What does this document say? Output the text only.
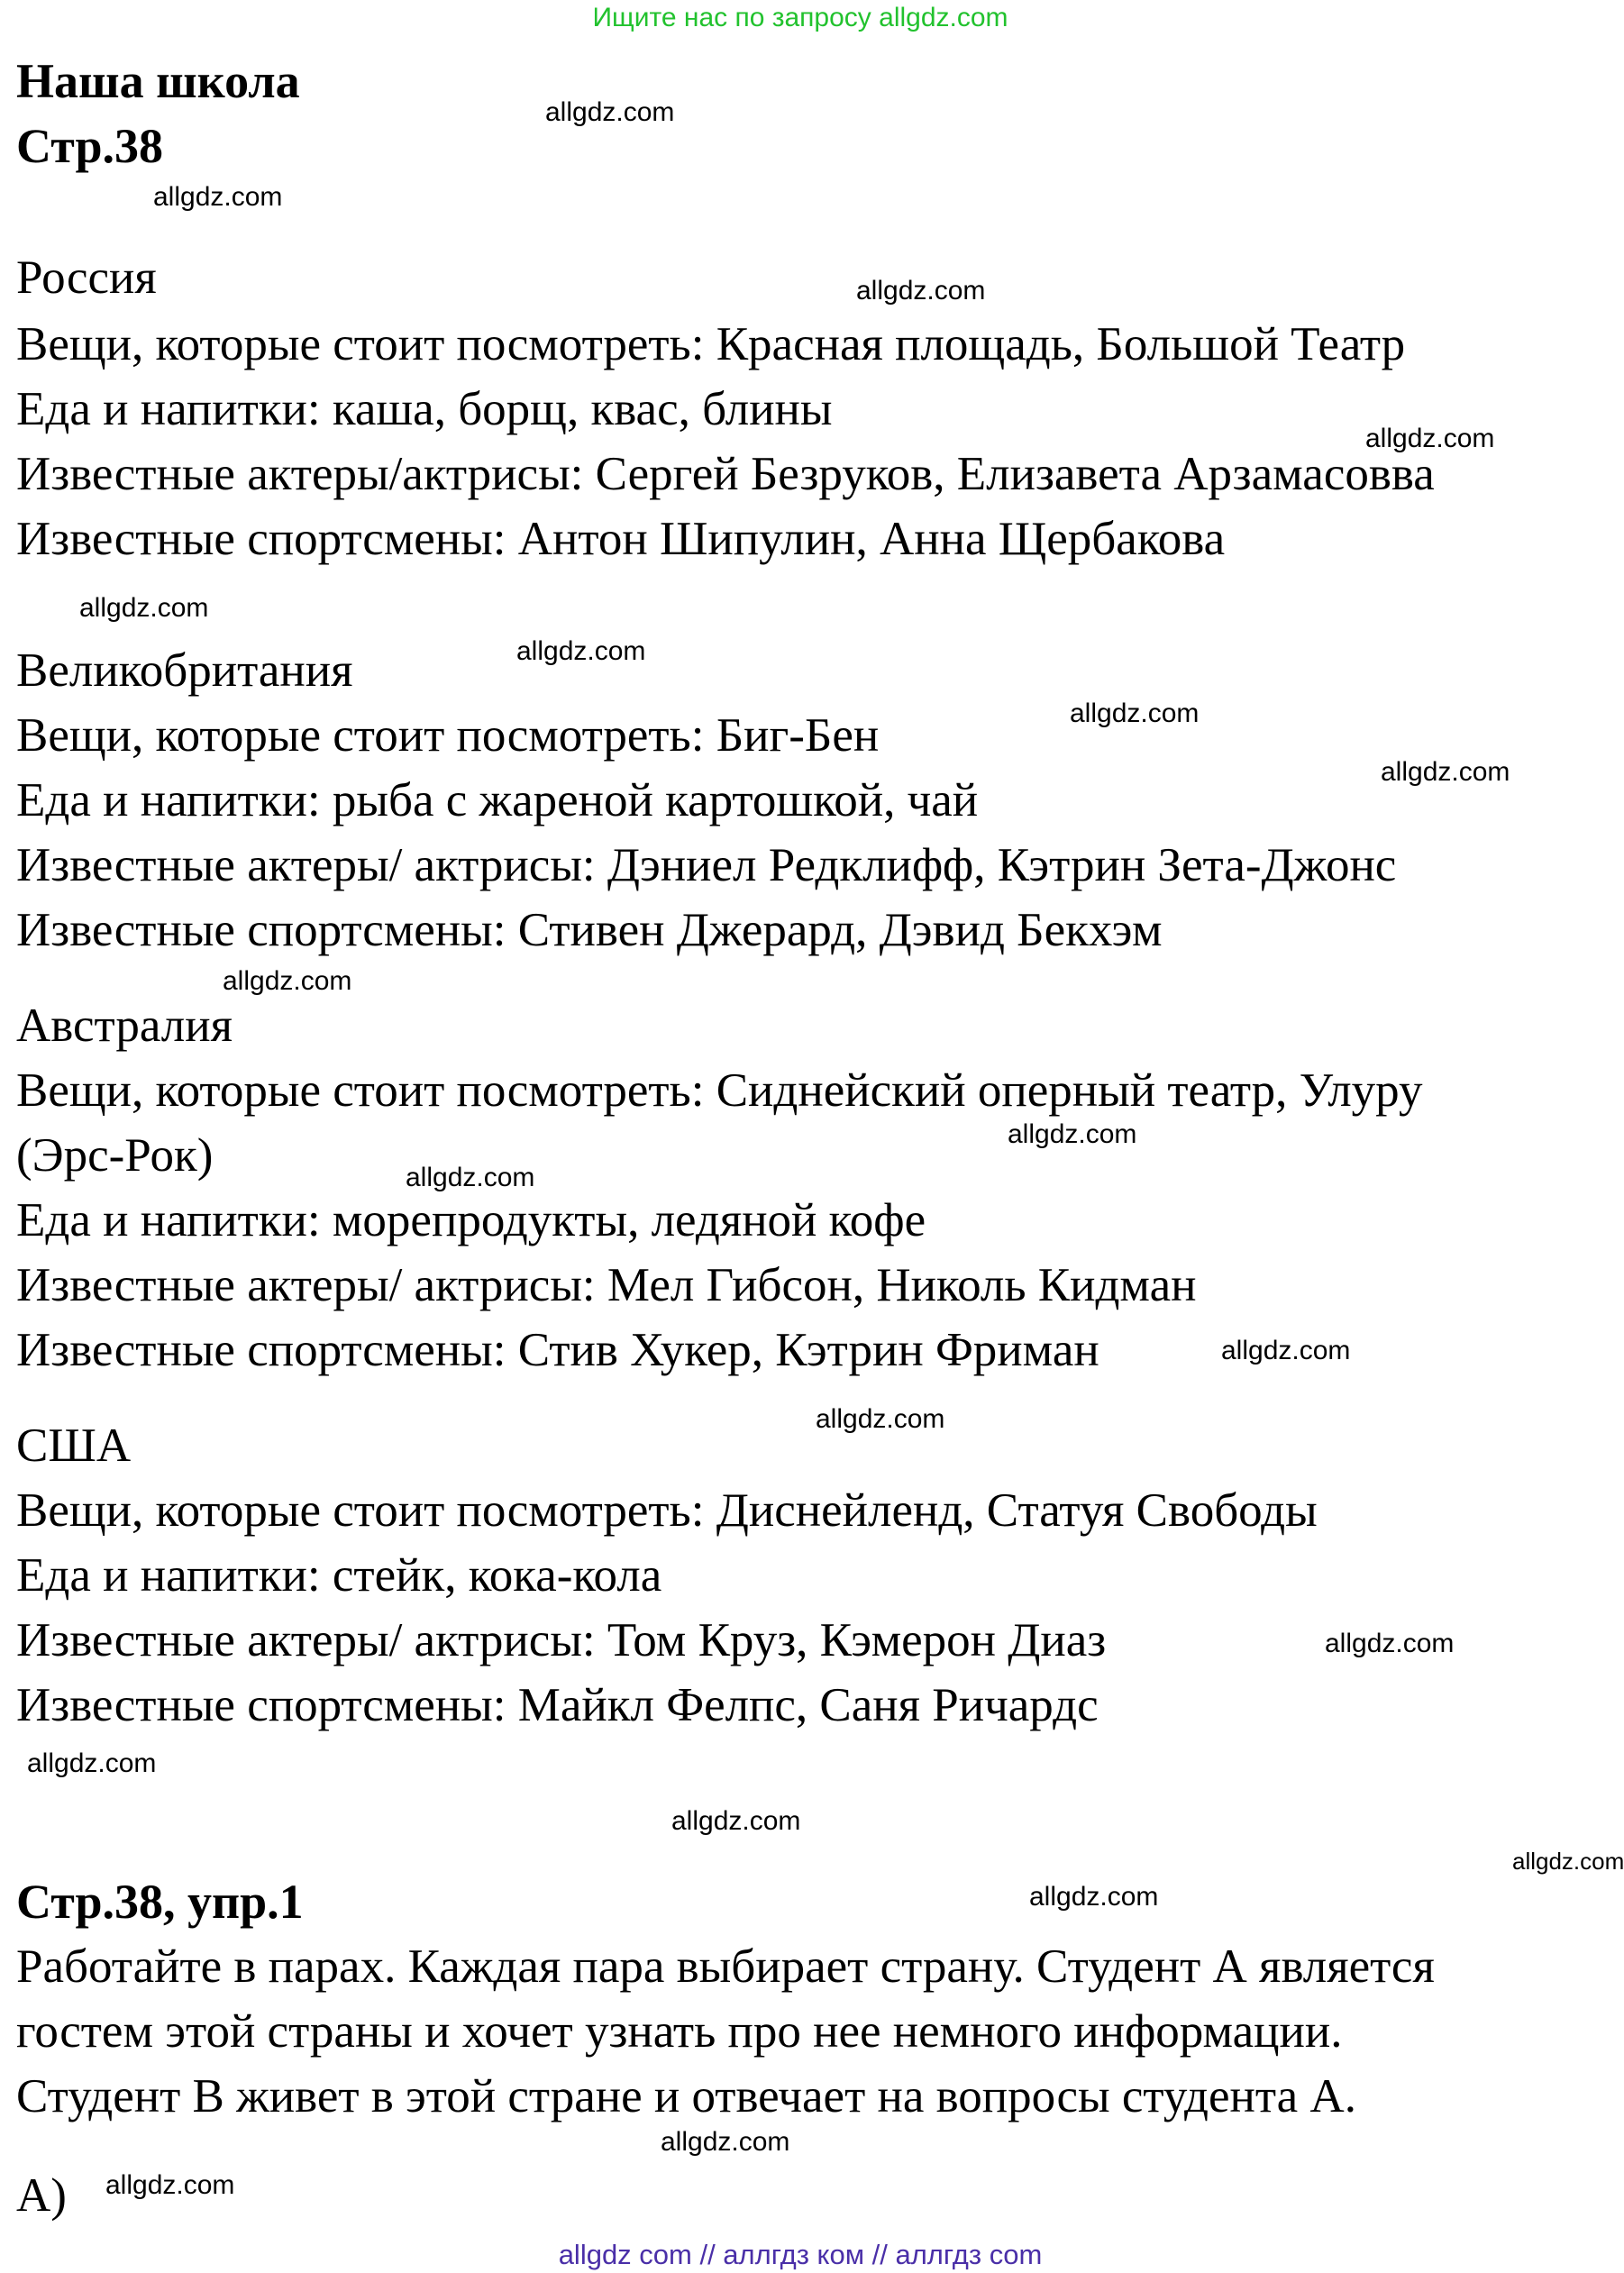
Ищите нас по запросу allgdz.com
Наша школа
Стр.38
Россия
Вещи, которые стоит посмотреть: Красная площадь, Большой Театр
Еда и напитки: каша, борщ, квас, блины
Известные актеры/актрисы: Сергей Безруков, Елизавета Арзамасовва
Известные спортсмены: Антон Шипулин, Анна Щербакова
Великобритания
Вещи, которые стоит посмотреть: Биг-Бен
Еда и напитки: рыба с жареной картошкой, чай
Известные актеры/ актрисы: Дэниел Редклифф, Кэтрин Зета-Джонс
Известные спортсмены: Стивен Джерард, Дэвид Бекхэм
Австралия
Вещи, которые стоит посмотреть: Сиднейский оперный театр, Улуру
(Эрс-Рок)
Еда и напитки: морепродукты, ледяной кофе
Известные актеры/ актрисы: Мел Гибсон, Николь Кидман
Известные спортсмены: Стив Хукер, Кэтрин Фриман
США
Вещи, которые стоит посмотреть: Диснейленд, Статуя Свободы
Еда и напитки: стейк, кока-кола
Известные актеры/ актрисы: Том Круз, Кэмерон Диаз
Известные спортсмены: Майкл Фелпс, Саня Ричардс
Стр.38, упр.1
Работайте в парах. Каждая пара выбирает страну. Студент А является
гостем этой страны и хочет узнать про нее немного информации.
Студент В живет в этой стране и отвечает на вопросы студента А.
А)
allgdz.com
allgdz.com
allgdz.com
allgdz.com
allgdz.com
allgdz.com
allgdz.com
allgdz.com
allgdz.com
allgdz.com
allgdz.com
allgdz.com
allgdz.com
allgdz.com
allgdz.com
allgdz.com
allgdz.com
allgdz.com
allgdz.com
allgdz.com
allgdz com // аллгдз ком // аллгдз com
